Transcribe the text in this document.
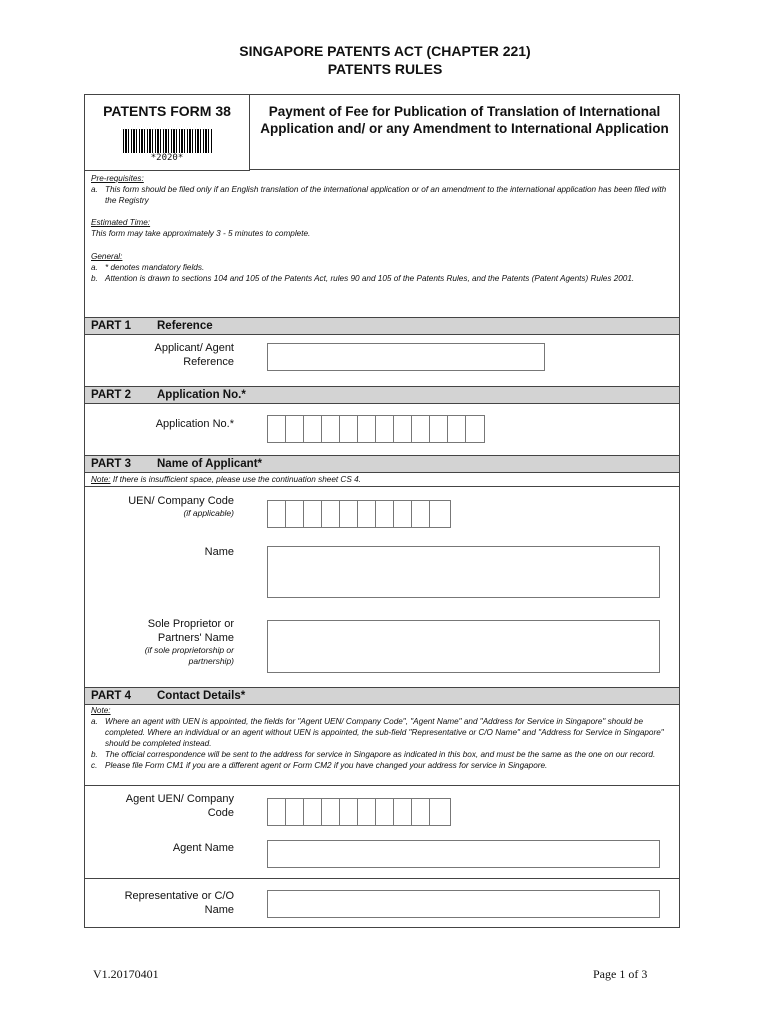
SINGAPORE PATENTS ACT (CHAPTER 221)
PATENTS RULES
PATENTS FORM 38
*2020*
Payment of Fee for Publication of Translation of International Application and/ or any Amendment to International Application

Pre-requisites:

a. This form should be filed only if an English translation of the international application or of an amendment to the international application has been filed with the Registry

Estimated Time:

This form may take approximately 3 - 5 minutes to complete.

General:

a. * denotes mandatory fields.
b. Attention is drawn to sections 104 and 105 of the Patents Act, rules 90 and 105 of the Patents Rules, and the Patents (Patent Agents) Rules 2001.
PART 1 Reference
Applicant/ Agent
Reference
PART 2 Application No.*
Application No.*
PART 3 Name of Applicant*
Note: If there is insufficient space, please use the continuation sheet CS 4.
UEN/ Company Code
(if applicable)
Name
Sole Proprietor or
Partners' Name
(if sole proprietorship or
partnership)
PART 4 Contact Details*
Note:
a. Where an agent with UEN is appointed, the fields for "Agent UEN/ Company Code", "Agent Name" and "Address for Service in Singapore" should be completed. Where an individual or an agent without UEN is appointed, the sub-field "Representative or C/O Name" and "Address for Service in Singapore" should be completed instead.
b. The official correspondence will be sent to the address for service in Singapore as indicated in this box, and must be the same as the one on our record.
c. Please file Form CM1 if you are a different agent or Form CM2 if you have changed your address for service in Singapore.
Agent UEN/ Company
Code
Agent Name
Representative or C/O
Name
V1.20170401	Page 1 of 3
